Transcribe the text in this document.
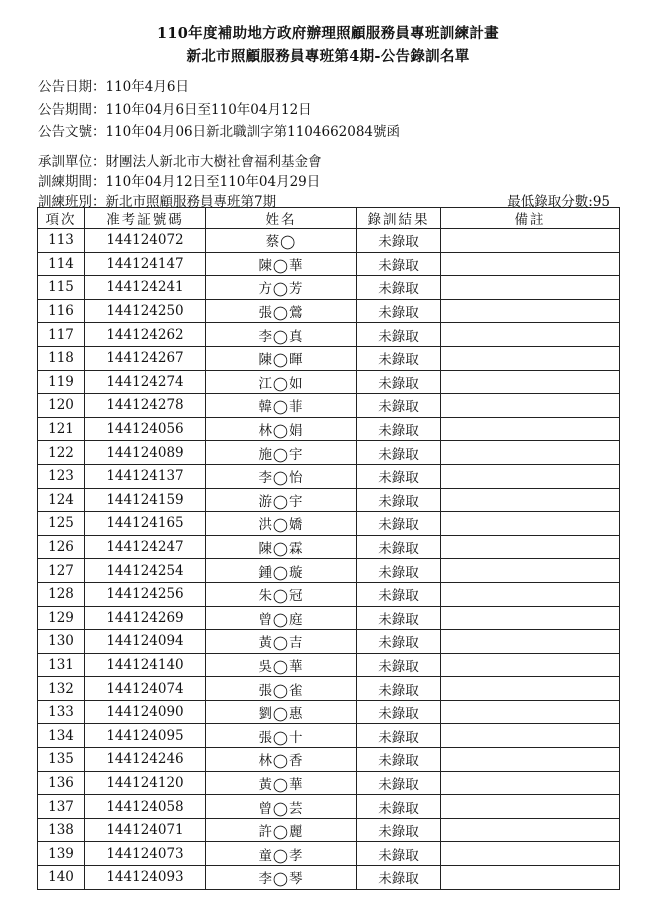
110年度補助地方政府辦理照顧服務員專班訓練計畫
新北市照顧服務員專班第4期-公告錄訓名單
公告日期：110年4月6日
公告期間：110年04月6日至110年04月12日
公告文號：110年04月06日新北職訓字第1104662084號函
承訓單位：財團法人新北市大樹社會福利基金會
訓練期間：110年04月12日至110年04月29日
訓練班別：新北市照顧服務員專班第7期	最低錄取分數:95
項次	准考証號碼	姓名	錄訓結果	備註
113	144124072	蔡◯	未錄取	
114	144124147	陳◯華	未錄取	
115	144124241	方◯芳	未錄取	
116	144124250	張◯鶯	未錄取	
117	144124262	李◯真	未錄取	
118	144124267	陳◯暉	未錄取	
119	144124274	江◯如	未錄取	
120	144124278	韓◯菲	未錄取	
121	144124056	林◯娟	未錄取	
122	144124089	施◯宇	未錄取	
123	144124137	李◯怡	未錄取	
124	144124159	游◯宇	未錄取	
125	144124165	洪◯嬌	未錄取	
126	144124247	陳◯霖	未錄取	
127	144124254	鍾◯璇	未錄取	
128	144124256	朱◯冠	未錄取	
129	144124269	曾◯庭	未錄取	
130	144124094	黃◯吉	未錄取	
131	144124140	吳◯華	未錄取	
132	144124074	張◯雀	未錄取	
133	144124090	劉◯惠	未錄取	
134	144124095	張◯十	未錄取	
135	144124246	林◯香	未錄取	
136	144124120	黃◯華	未錄取	
137	144124058	曾◯芸	未錄取	
138	144124071	許◯麗	未錄取	
139	144124073	童◯孝	未錄取	
140	144124093	李◯琴	未錄取	
